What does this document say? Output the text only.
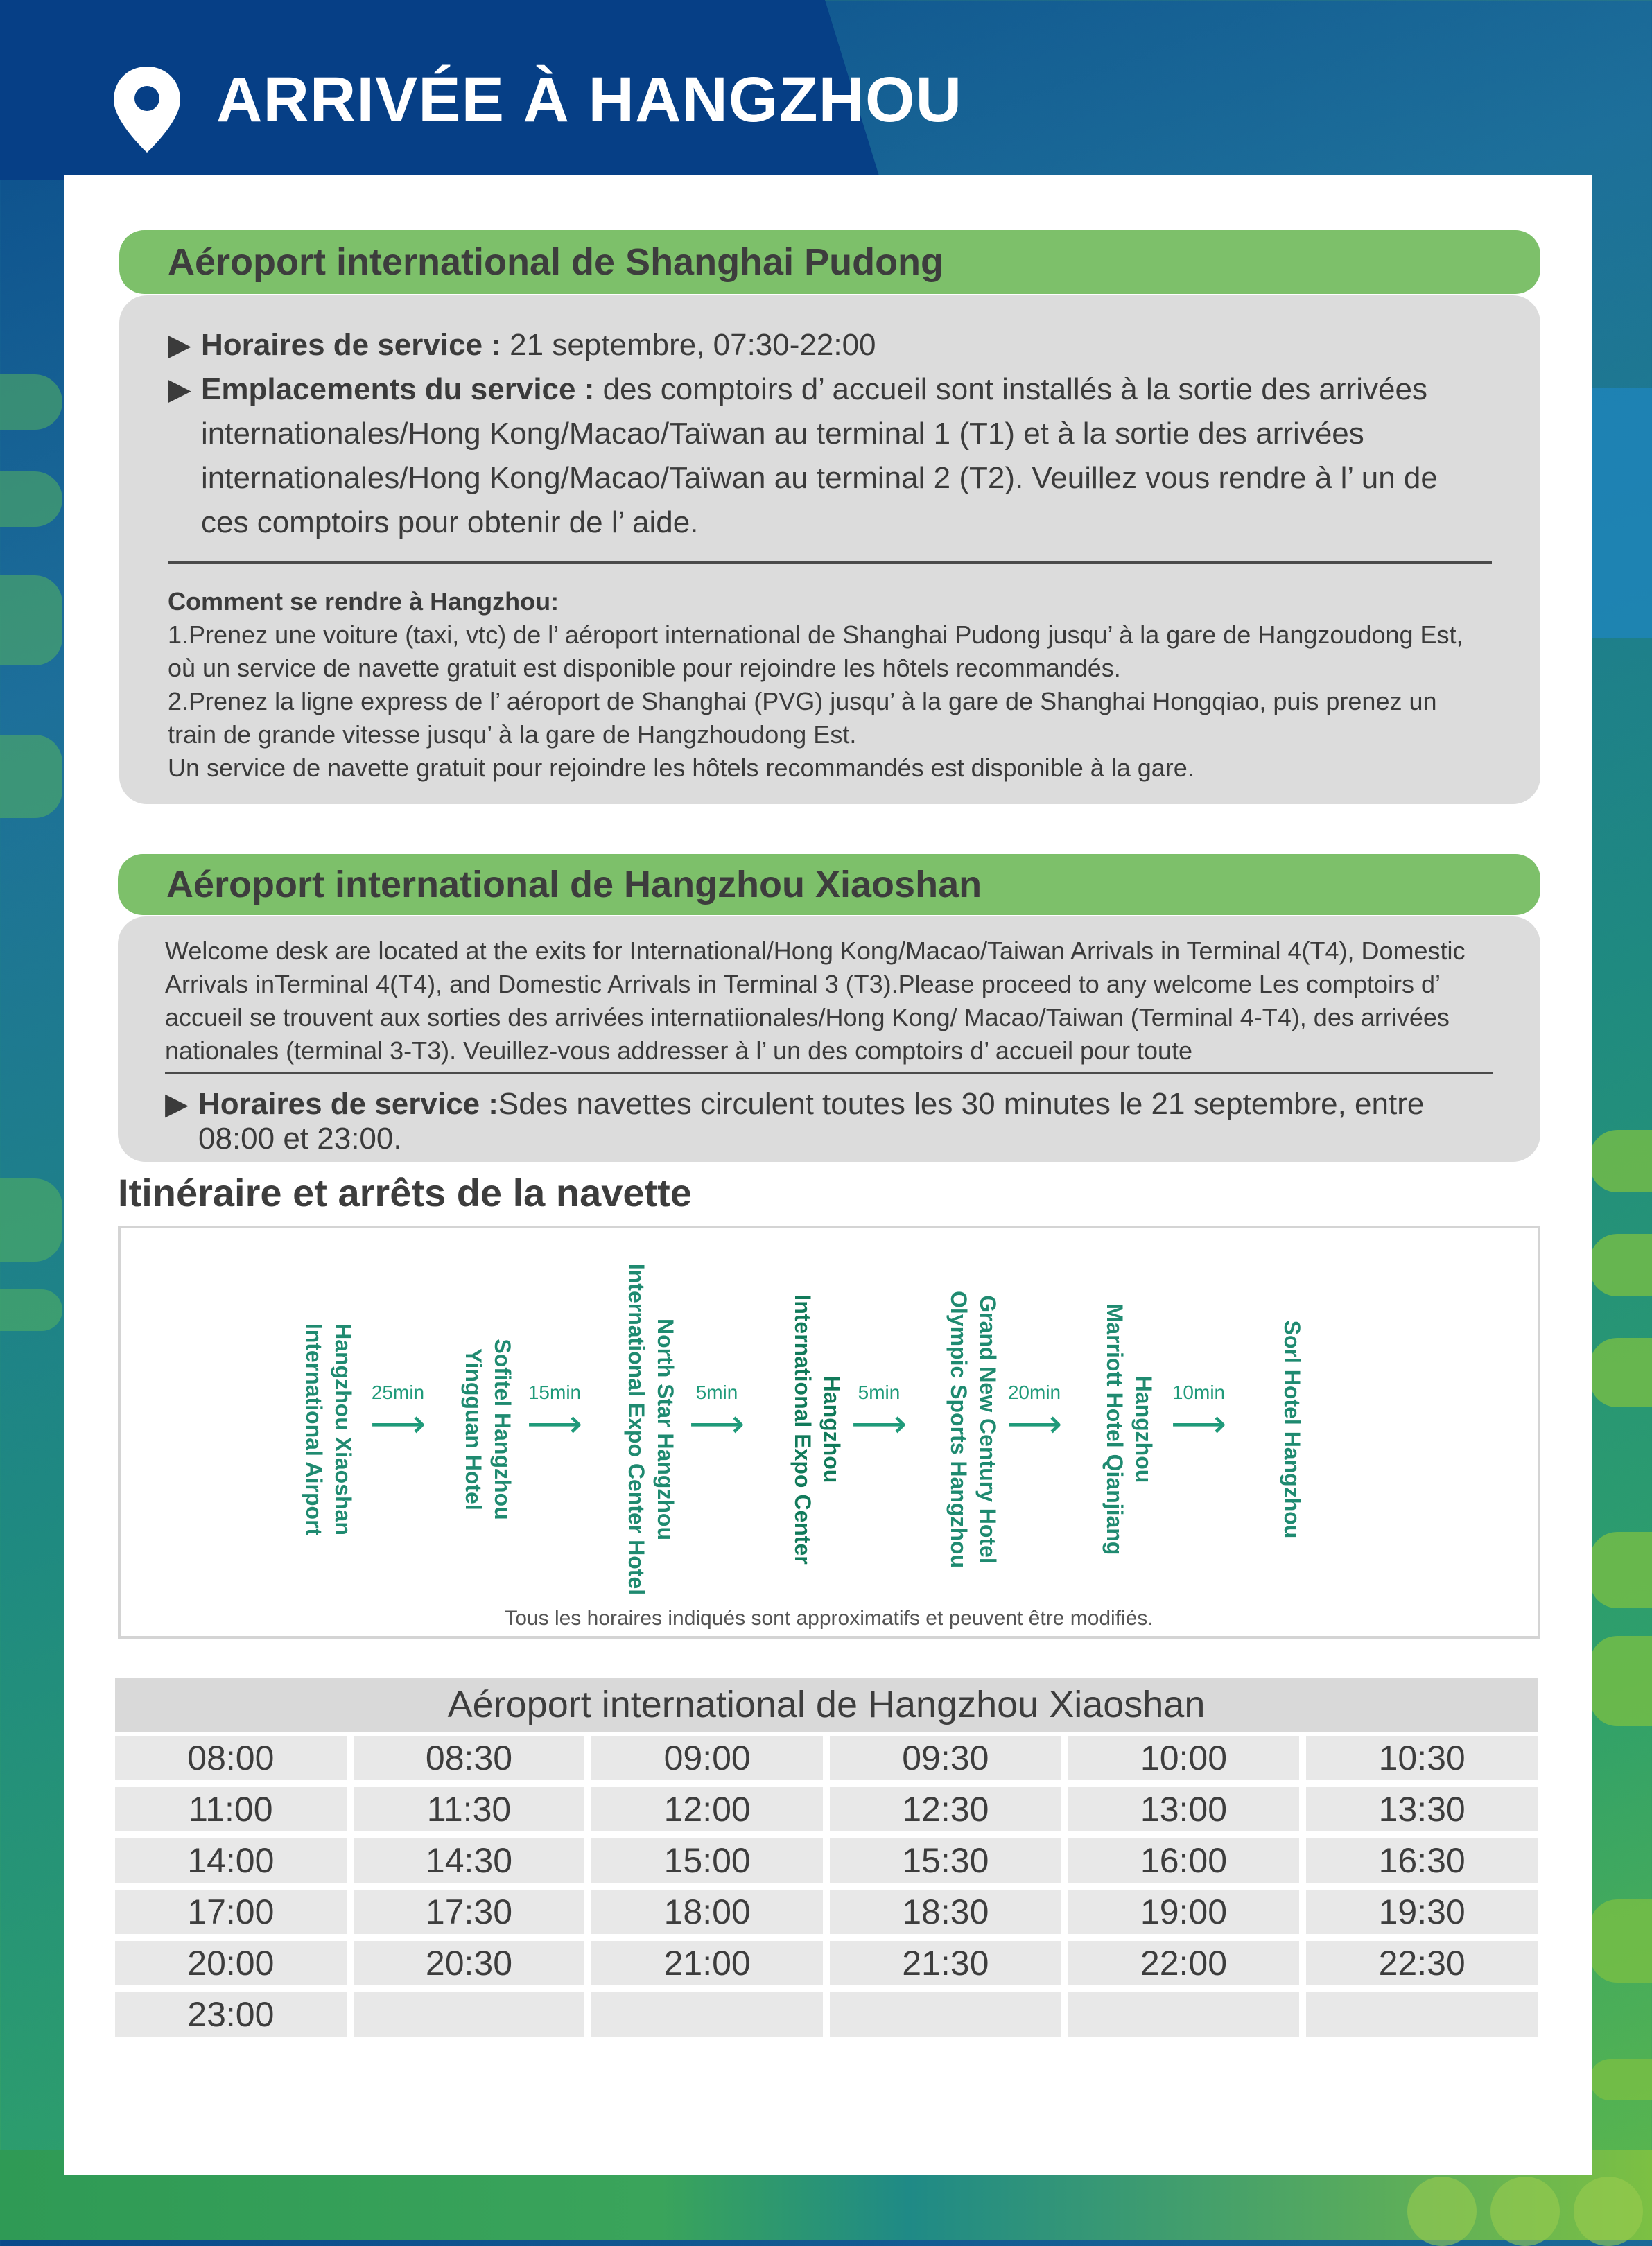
ARRIVÉE À HANGZHOU
Aéroport international de Shanghai Pudong
▶ Horaires de service : 21 septembre, 07:30-22:00
▶ Emplacements du service : des comptoirs d’ accueil sont installés à la sortie des arrivées internationales/Hong Kong/Macao/Taïwan au terminal 1 (T1) et à la sortie des arrivées internationales/Hong Kong/Macao/Taïwan au terminal 2 (T2). Veuillez vous rendre à l’ un de ces comptoirs pour obtenir de l’ aide.
Comment se rendre à Hangzhou:
1.Prenez une voiture (taxi, vtc) de l’ aéroport international de Shanghai Pudong jusqu’ à la gare de Hangzoudong Est, où un service de navette gratuit est disponible pour rejoindre les hôtels recommandés.
2.Prenez la ligne express de l’ aéroport de Shanghai (PVG) jusqu’ à la gare de Shanghai Hongqiao, puis prenez un train de grande vitesse jusqu’ à la gare de Hangzhoudong Est.
Un service de navette gratuit pour rejoindre les hôtels recommandés est disponible à la gare.
Aéroport international de Hangzhou Xiaoshan
Welcome desk are located at the exits for International/Hong Kong/Macao/Taiwan Arrivals in Terminal 4(T4), Domestic Arrivals inTerminal 4(T4), and Domestic Arrivals in Terminal 3 (T3).Please proceed to any welcome Les comptoirs d’ accueil se trouvent aux sorties des arrivées internatiionales/Hong Kong/ Macao/Taiwan (Terminal 4-T4), des arrivées nationales (terminal 3-T3). Veuillez-vous addresser à l’ un des comptoirs d’ accueil pour toute
▶ Horaires de service :Sdes navettes circulent toutes les 30 minutes le 21 septembre, entre 08:00 et 23:00.
Itinéraire et arrêts de la navette
Hangzhou Xiaoshan
International Airport
25min
⟶
Sofitel Hangzhou
Yingguan Hotel
15min
⟶
North Star Hangzhou
International Expo Center Hotel
5min
⟶	Hangzhou
International Expo Center
5min
⟶
Grand New Century Hotel
Olympic Sports Hangzhou
20min
⟶	Hangzhou
Marriott Hotel Qianjiang
10min
⟶	Sorl Hotel Hangzhou
Tous les horaires indiqués sont approximatifs et peuvent être modifiés.
Aéroport international de Hangzhou Xiaoshan
08:00	08:30	09:00	09:30	10:00	10:30
11:00	11:30	12:00	12:30	13:00	13:30
14:00	14:30	15:00	15:30	16:00	16:30
17:00	17:30	18:00	18:30	19:00	19:30
20:00	20:30	21:00	21:30	22:00	22:30
23:00
